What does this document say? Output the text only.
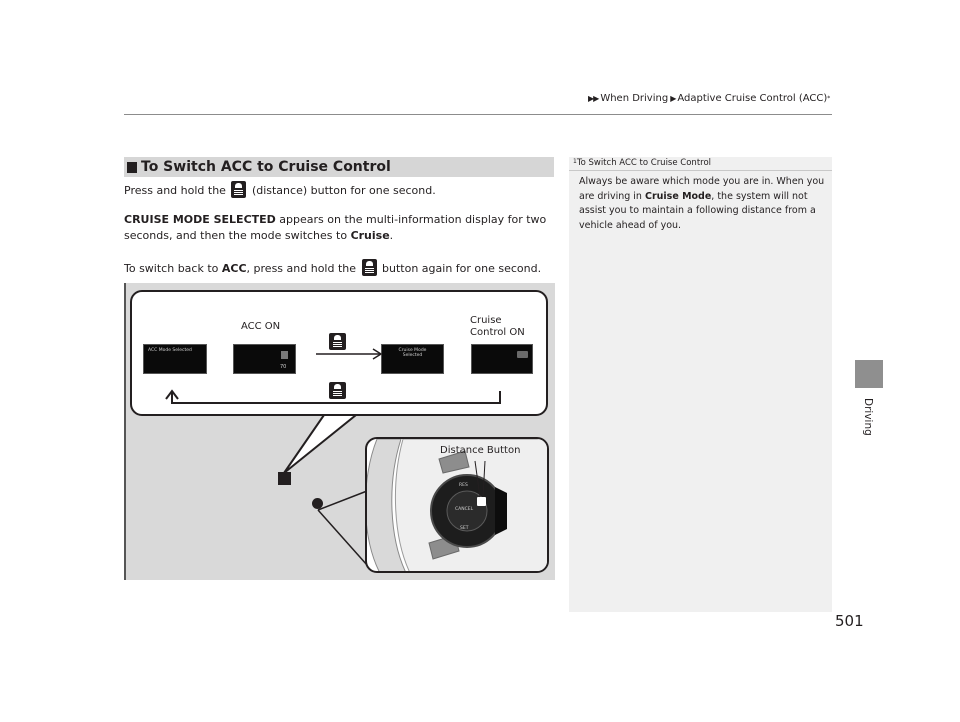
▶ ▶ When Driving ▶ Adaptive Cruise Control (ACC) *
Driving
To Switch ACC to Cruise Control
Press and hold the (distance) button for one second.
CRUISE MODE SELECTED appears on the multi-information display for two
seconds, and then the mode switches to Cruise.
To switch back to ACC, press and hold the button again for one second.
$^1$To Switch ACC to Cruise Control
Always be aware which mode you are in. When you are driving in Cruise Mode, the system will not assist you to maintain a following distance from a vehicle ahead of you.
ACC ON
Cruise
Control ON
ACC Mode Selected
70
Cruise Mode
Selected
RES
CANCEL
SET
Distance Button
501
